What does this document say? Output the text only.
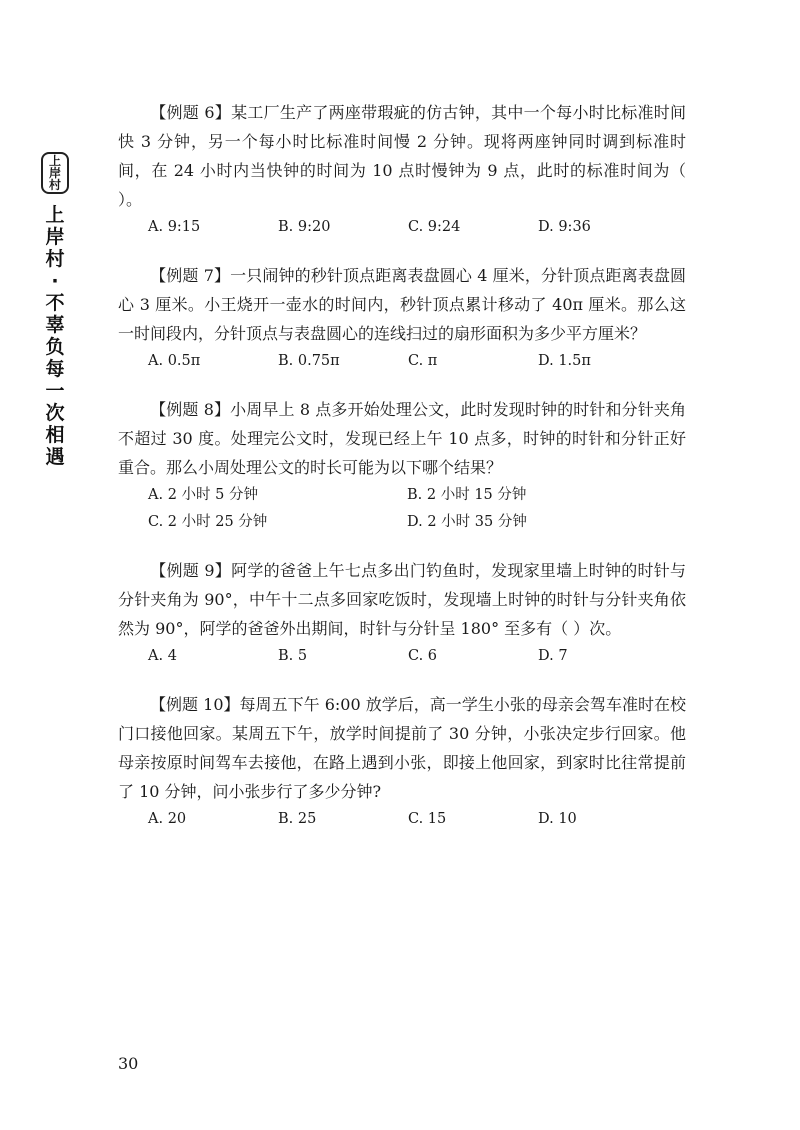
上
岸
村
上
岸
村
·
不
辜
负
每
一
次
相
遇

【例题 6】某工厂生产了两座带瑕疵的仿古钟，其中一个每小时比标准时间快 3 分钟，另一个每小时比标准时间慢 2 分钟。现将两座钟同时调到标准时间，在 24 小时内当快钟的时间为 10 点时慢钟为 9 点，此时的标准时间为（ ）。

A. 9:15	B. 9:20	C. 9:24	D. 9:36

【例题 7】一只闹钟的秒针顶点距离表盘圆心 4 厘米，分针顶点距离表盘圆心 3 厘米。小王烧开一壶水的时间内，秒针顶点累计移动了 40π 厘米。那么这一时间段内，分针顶点与表盘圆心的连线扫过的扇形面积为多少平方厘米？

A. 0.5π	B. 0.75π	C. π	D. 1.5π

【例题 8】小周早上 8 点多开始处理公文，此时发现时钟的时针和分针夹角不超过 30 度。处理完公文时，发现已经上午 10 点多，时钟的时针和分针正好重合。那么小周处理公文的时长可能为以下哪个结果？

A. 2 小时 5 分钟	B. 2 小时 15 分钟
C. 2 小时 25 分钟	D. 2 小时 35 分钟

【例题 9】阿学的爸爸上午七点多出门钓鱼时，发现家里墙上时钟的时针与分针夹角为 90°，中午十二点多回家吃饭时，发现墙上时钟的时针与分针夹角依然为 90°，阿学的爸爸外出期间，时针与分针呈 180° 至多有（ ）次。

A. 4	B. 5	C. 6	D. 7

【例题 10】每周五下午 6:00 放学后，高一学生小张的母亲会驾车准时在校门口接他回家。某周五下午，放学时间提前了 30 分钟，小张决定步行回家。他母亲按原时间驾车去接他，在路上遇到小张，即接上他回家，到家时比往常提前了 10 分钟，问小张步行了多少分钟?

A. 20	B. 25	C. 15	D. 10
30
